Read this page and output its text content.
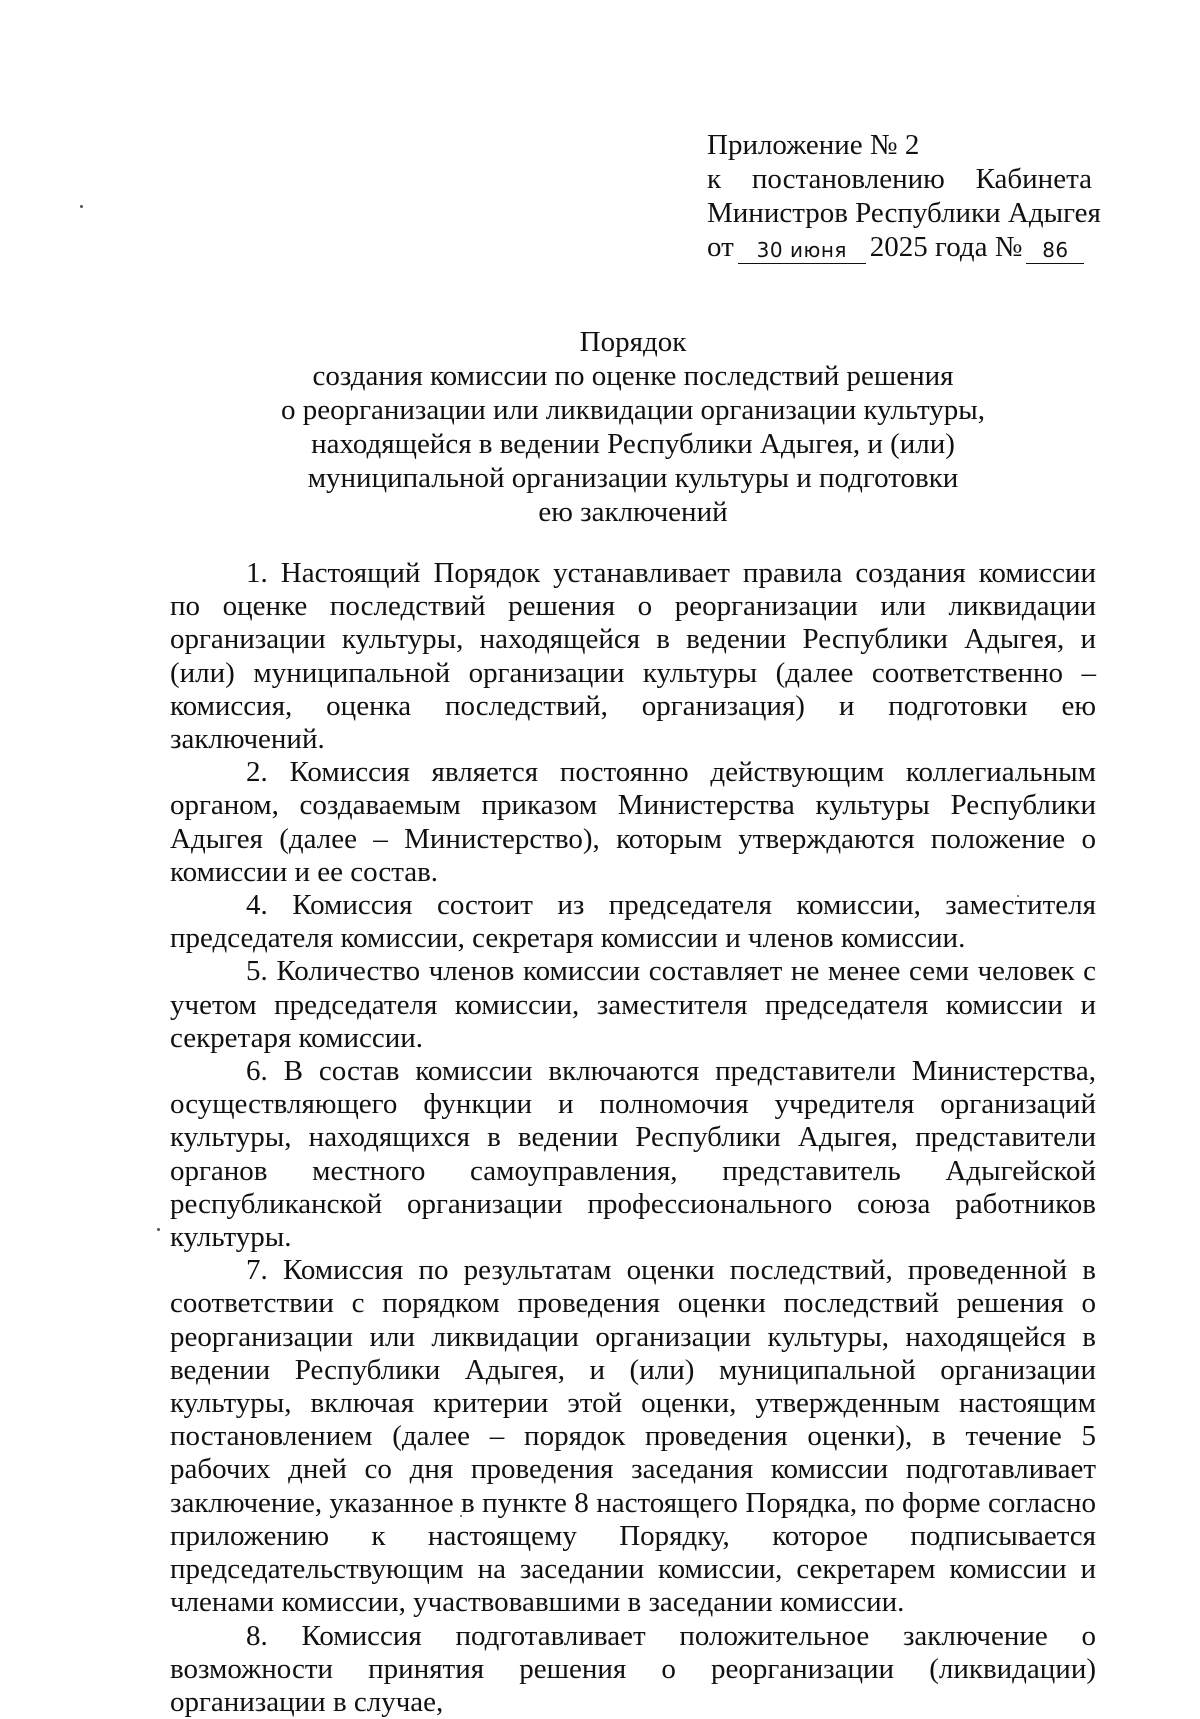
Приложение № 2
к постановлению Кабинета
Министров Республики Адыгея
от	30 июня 2025 года № 86
Порядок
создания комиссии по оценке последствий решения
о реорганизации или ликвидации организации культуры,
находящейся в ведении Республики Адыгея, и (или)
муниципальной организации культуры и подготовки
ею заключений

1. Настоящий Порядок устанавливает правила создания комиссии по оценке последствий решения о реорганизации или ликвидации организации культуры, находящейся в ведении Республики Адыгея, и (или) муниципальной организации культуры (далее соответственно – комиссия, оценка последствий, организация) и подготовки ею заключений.

2. Комиссия является постоянно действующим коллегиальным органом, создаваемым приказом Министерства культуры Республики Адыгея (далее – Министерство), которым утверждаются положение о комиссии и ее состав.

4. Комиссия состоит из председателя комиссии, заместителя председателя комиссии, секретаря комиссии и членов комиссии.

5. Количество членов комиссии составляет не менее семи человек с учетом председателя комиссии, заместителя председателя комиссии и секретаря комиссии.

6. В состав комиссии включаются представители Министерства, осуществляющего функции и полномочия учредителя организаций культуры, находящихся в ведении Республики Адыгея, представители органов местного самоуправления, представитель Адыгейской республиканской организации профессионального союза работников культуры.

7. Комиссия по результатам оценки последствий, проведенной в соответствии с порядком проведения оценки последствий решения о реорганизации или ликвидации организации культуры, находящейся в ведении Республики Адыгея, и (или) муниципальной организации культуры, включая критерии этой оценки, утвержденным настоящим постановлением (далее – порядок проведения оценки), в течение 5 рабочих дней со дня проведения заседания комиссии подготавливает заключение, указанное в пункте 8 настоящего Порядка, по форме согласно приложению к настоящему Порядку, которое подписывается председательствующим на заседании комиссии, секретарем комиссии и членами комиссии, участвовавшими в заседании комиссии.

8. Комиссия подготавливает положительное заключение о возможности принятия решения о реорганизации (ликвидации) организации в случае,
